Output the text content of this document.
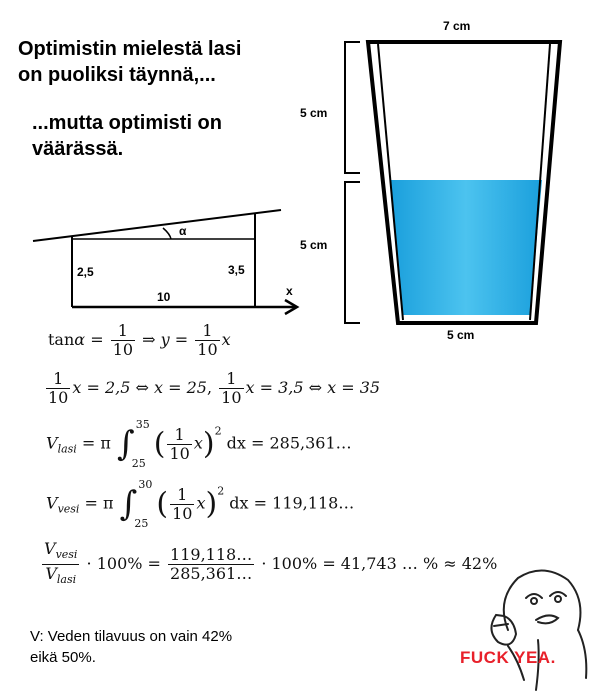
Optimistin mielestä lasi
on puoliksi täynnä,...
...mutta optimisti on
väärässä.
7 cm
5 cm
5 cm
5 cm
α
2,5	3,5
10	x
$\tan\alpha = \frac{1}{10}$ ⇒ $y = \frac{1}{10}$ x
$\frac{1}{10}$ x = 2,5 ⇔ x = 25, $\frac{1}{10}$ x = 3,5 ⇔ x = 35
$V_{lasi} = \pi$ ∫ 35
25
( $\frac{1}{10} x)^2$ dx = 285,361…
$V_{vesi} = \pi$ ∫ 30
25
( $\frac{1}{10} x)^2$ dx = 119,118…
$\frac{V_{vesi}}{V_{lasi}} \cdot 100\% = \frac{119,118\dots}{285,361\dots} \cdot 100\% = 41,743$ … % ≈ 42%
V: Veden tilavuus on vain 42%
eikä 50%.	FUCK YEA.
